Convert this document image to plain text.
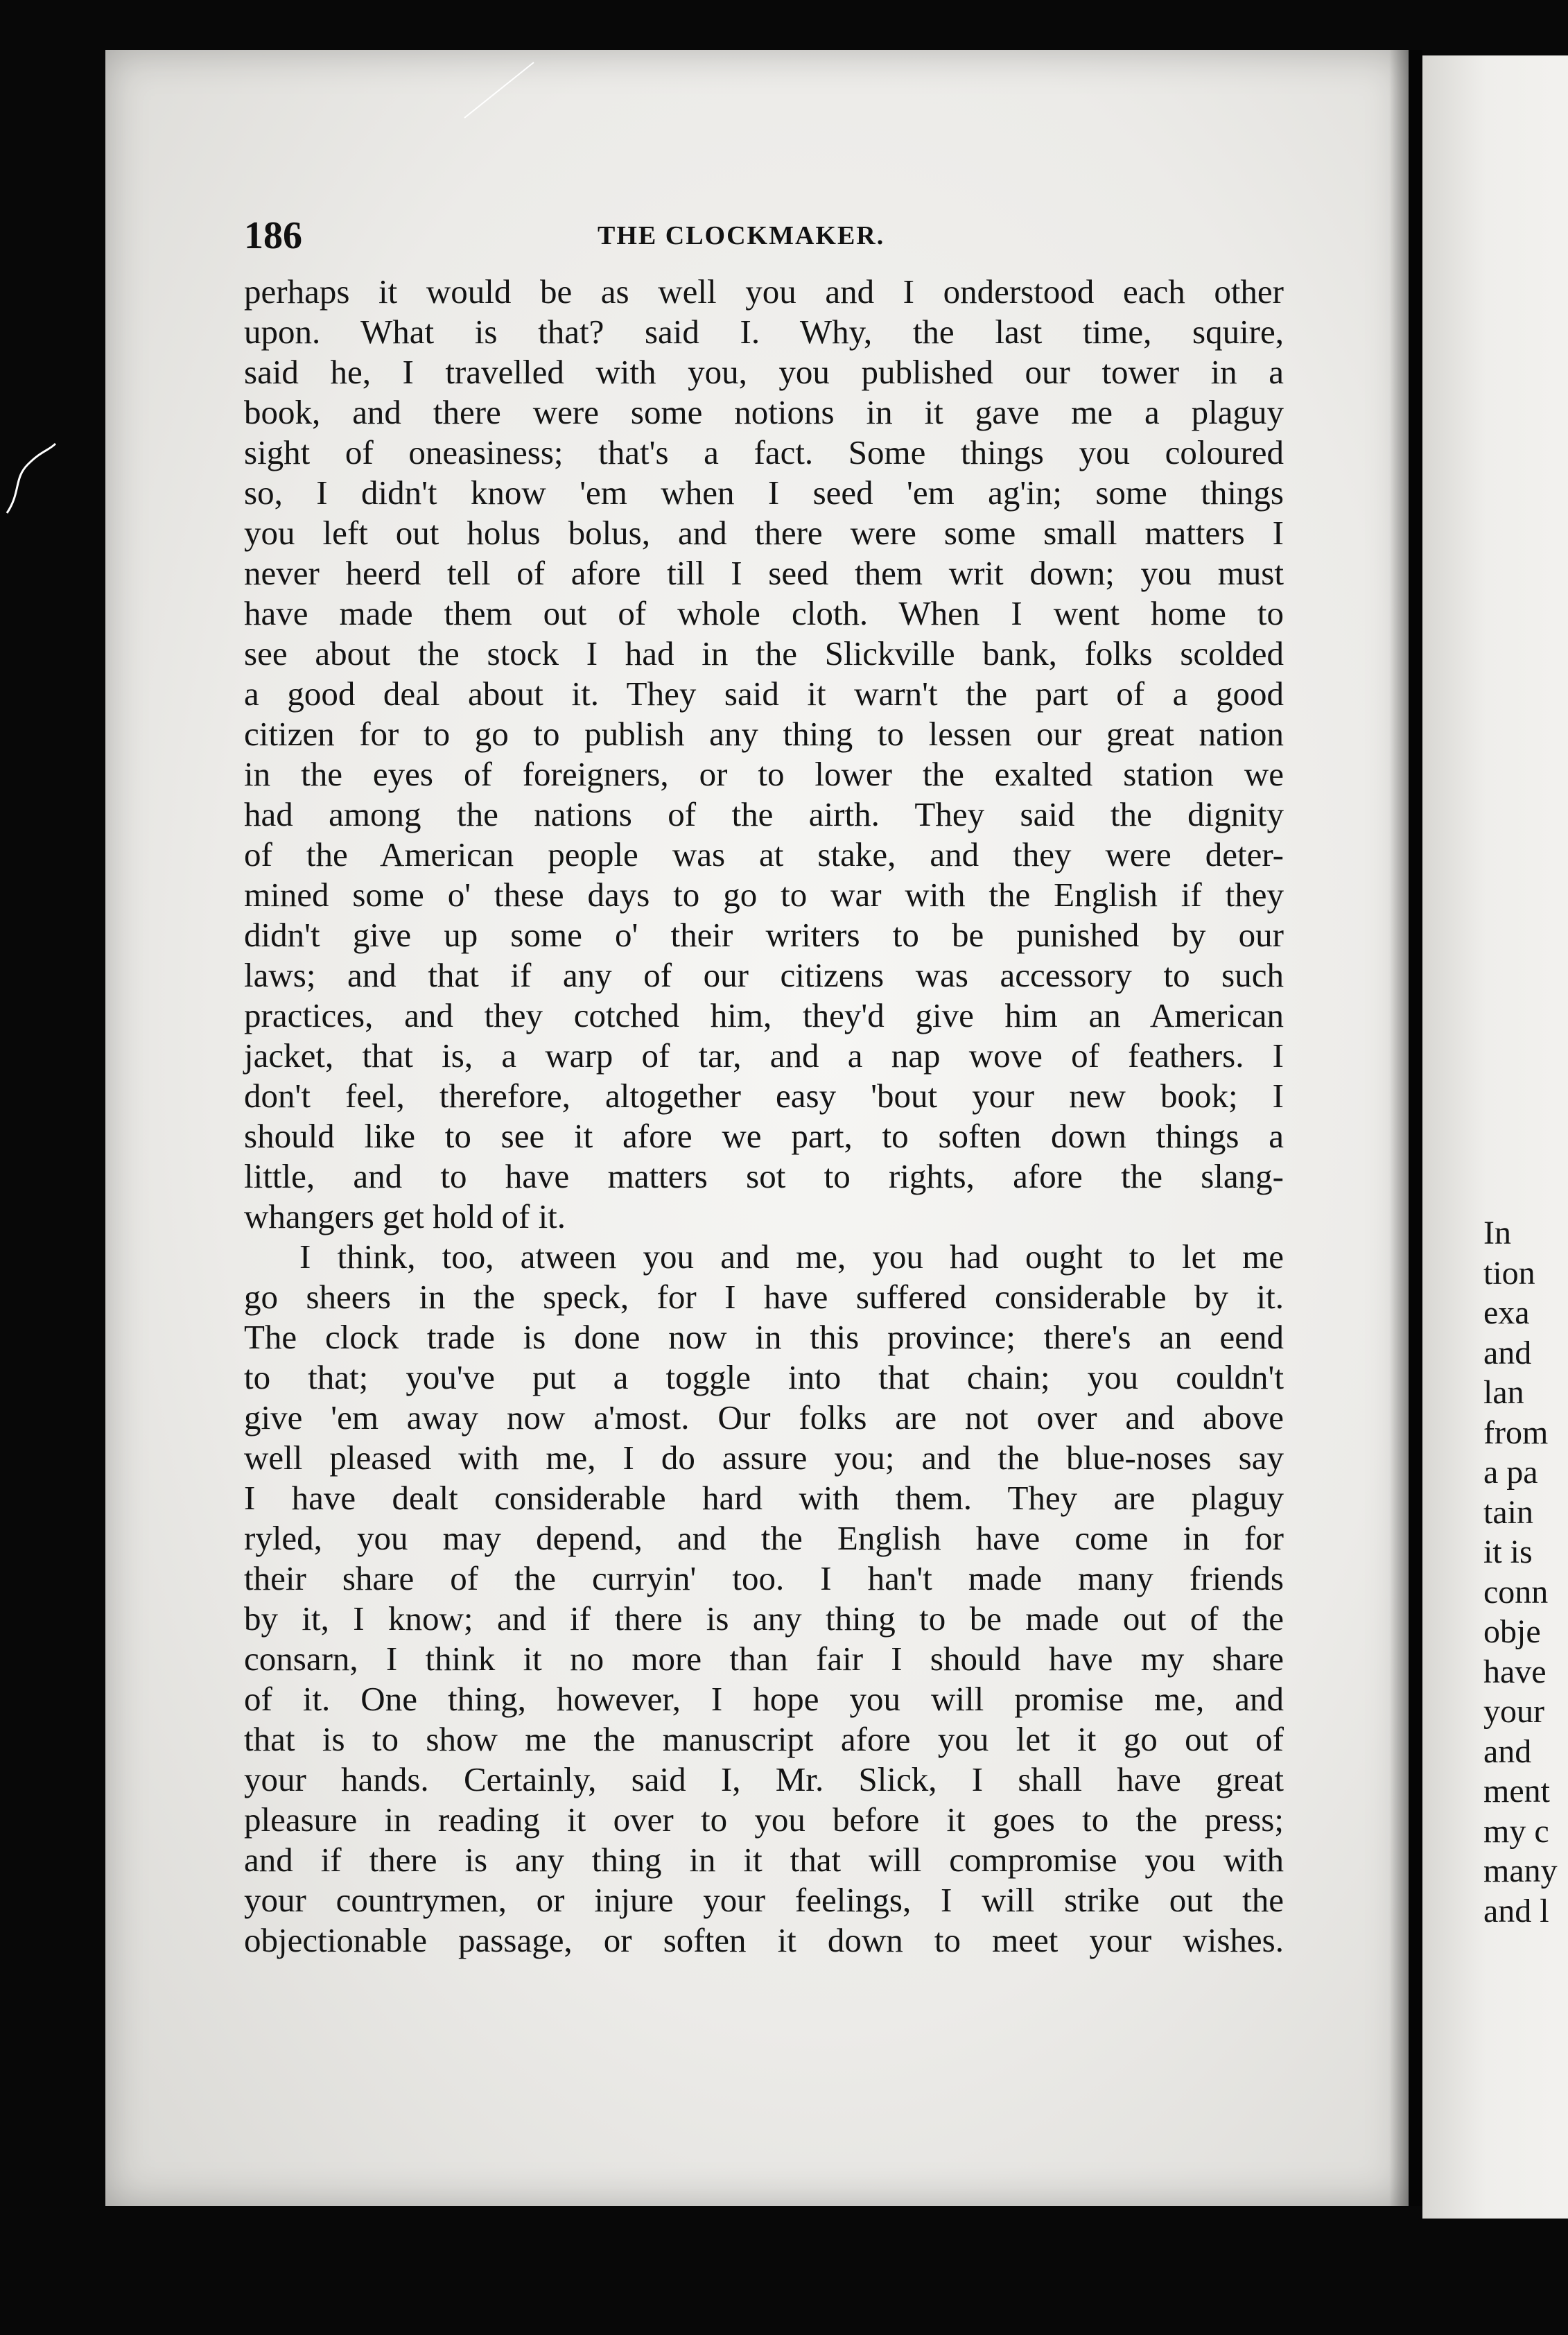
186	THE CLOCKMAKER.

perhaps it would be as well you and I onderstood each other
upon. What is that? said I. Why, the last time, squire,
said he, I travelled with you, you published our tower in a
book, and there were some notions in it gave me a plaguy
sight of oneasiness; that's a fact. Some things you coloured
so, I didn't know 'em when I seed 'em ag'in; some things
you left out holus bolus, and there were some small matters I
never heerd tell of afore till I seed them writ down; you must
have made them out of whole cloth. When I went home to
see about the stock I had in the Slickville bank, folks scolded
a good deal about it. They said it warn't the part of a good
citizen for to go to publish any thing to lessen our great nation
in the eyes of foreigners, or to lower the exalted station we
had among the nations of the airth. They said the dignity
of the American people was at stake, and they were deter-
mined some o' these days to go to war with the English if they
didn't give up some o' their writers to be punished by our
laws; and that if any of our citizens was accessory to such
practices, and they cotched him, they'd give him an American
jacket, that is, a warp of tar, and a nap wove of feathers. I
don't feel, therefore, altogether easy 'bout your new book; I
should like to see it afore we part, to soften down things a
little, and to have matters sot to rights, afore the slang-
whangers get hold of it.

I think, too, atween you and me, you had ought to let me
go sheers in the speck, for I have suffered considerable by it.
The clock trade is done now in this province; there's an eend
to that; you've put a toggle into that chain; you couldn't
give 'em away now a'most. Our folks are not over and above
well pleased with me, I do assure you; and the blue-noses say
I have dealt considerable hard with them. They are plaguy
ryled, you may depend, and the English have come in for
their share of the curryin' too. I han't made many friends
by it, I know; and if there is any thing to be made out of the
consarn, I think it no more than fair I should have my share
of it. One thing, however, I hope you will promise me, and
that is to show me the manuscript afore you let it go out of
your hands. Certainly, said I, Mr. Slick, I shall have great
pleasure in reading it over to you before it goes to the press;
and if there is any thing in it that will compromise you with
your countrymen, or injure your feelings, I will strike out the
objectionable passage, or soften it down to meet your wishes.

In
tion
exa
and
lan
from
a pa
tain
it is
conn
obje
have
your
and
ment
my c
many
and l
